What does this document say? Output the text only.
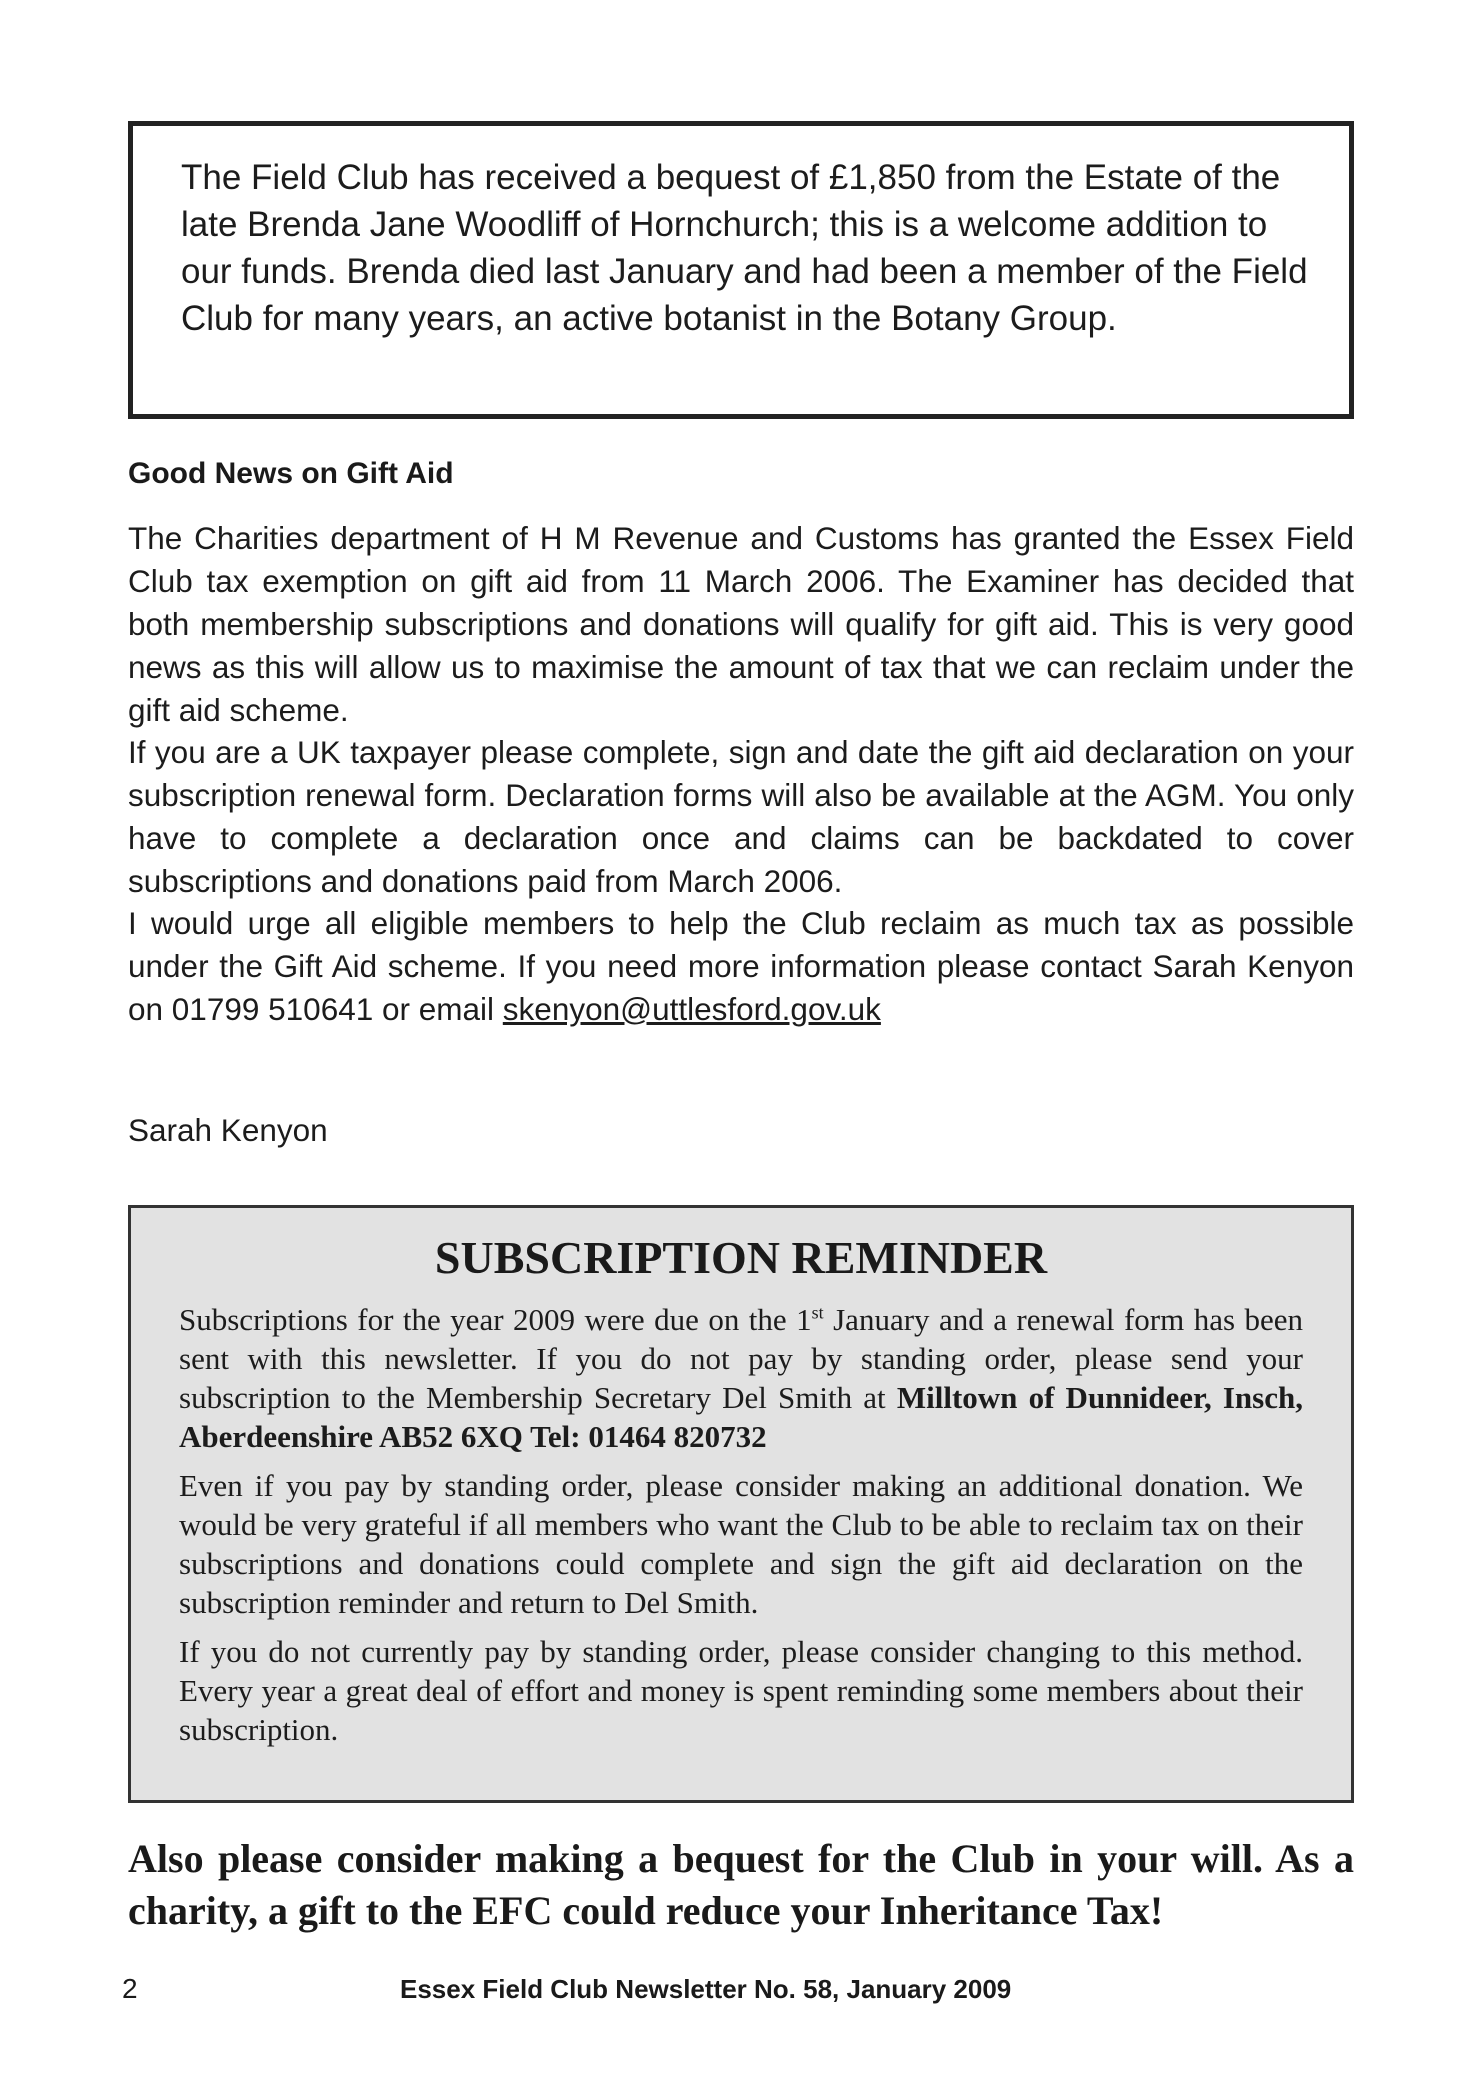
The Field Club has received a bequest of £1,850 from the Estate of the late Brenda Jane Woodliff of Hornchurch; this is a welcome addition to our funds. Brenda died last January and had been a member of the Field Club for many years, an active botanist in the Botany Group.

Good News on Gift Aid

The Charities department of H M Revenue and Customs has granted the Essex Field Club tax exemption on gift aid from 11 March 2006. The Examiner has decided that both membership subscriptions and donations will qualify for gift aid. This is very good news as this will allow us to maximise the amount of tax that we can reclaim under the gift aid scheme.

If you are a UK taxpayer please complete, sign and date the gift aid declaration on your subscription renewal form. Declaration forms will also be available at the AGM. You only have to complete a declaration once and claims can be backdated to cover subscriptions and donations paid from March 2006.

I would urge all eligible members to help the Club reclaim as much tax as possible under the Gift Aid scheme. If you need more information please contact Sarah Kenyon on 01799 510641 or email skenyon@uttlesford.gov.uk

Sarah Kenyon

SUBSCRIPTION REMINDER

Subscriptions for the year 2009 were due on the 1st January and a renewal form has been sent with this newsletter. If you do not pay by standing order, please send your subscription to the Membership Secretary Del Smith at Milltown of Dunnideer, Insch, Aberdeenshire AB52 6XQ Tel: 01464 820732

Even if you pay by standing order, please consider making an additional donation. We would be very grateful if all members who want the Club to be able to reclaim tax on their subscriptions and donations could complete and sign the gift aid declaration on the subscription reminder and return to Del Smith.

If you do not currently pay by standing order, please consider changing to this method. Every year a great deal of effort and money is spent reminding some members about their subscription.

Also please consider making a bequest for the Club in your will. As a charity, a gift to the EFC could reduce your Inheritance Tax!

2	Essex Field Club Newsletter No. 58, January 2009
